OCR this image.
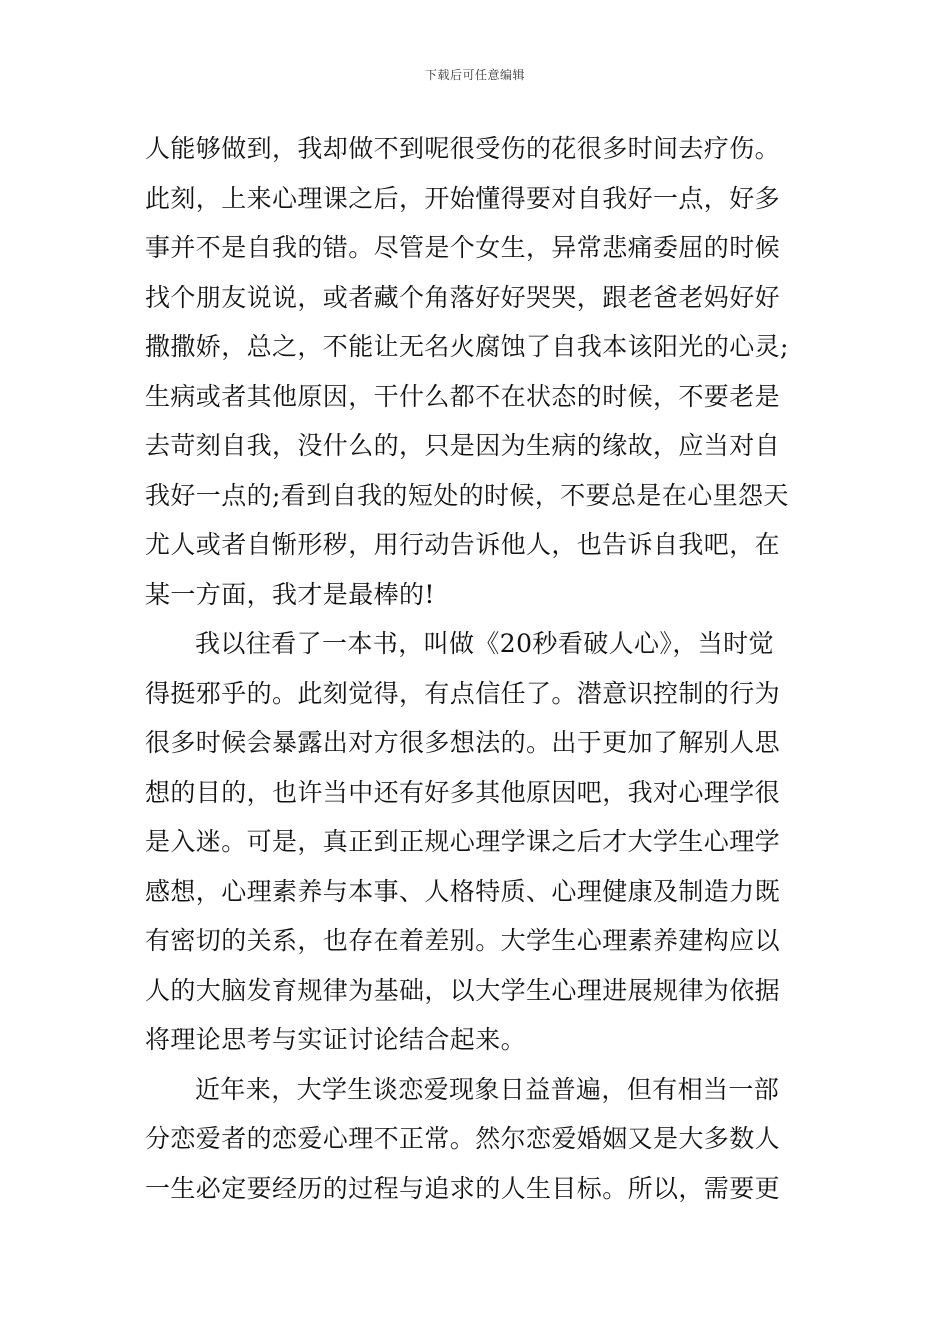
下载后可任意编辑
人能够做到，我却做不到呢很受伤的花很多时间去疗伤。
此刻，上来心理课之后，开始懂得要对自我好一点，好多
事并不是自我的错。尽管是个女生，异常悲痛委屈的时候
找个朋友说说，或者藏个角落好好哭哭，跟老爸老妈好好
撒撒娇，总之，不能让无名火腐蚀了自我本该阳光的心灵;
生病或者其他原因，干什么都不在状态的时候，不要老是
去苛刻自我，没什么的，只是因为生病的缘故，应当对自
我好一点的;看到自我的短处的时候，不要总是在心里怨天
尤人或者自惭形秽，用行动告诉他人，也告诉自我吧，在
某一方面，我才是最棒的!
我以往看了一本书，叫做《20秒看破人心》，当时觉
得挺邪乎的。此刻觉得，有点信任了。潜意识控制的行为
很多时候会暴露出对方很多想法的。出于更加了解别人思
想的目的，也许当中还有好多其他原因吧，我对心理学很
是入迷。可是，真正到正规心理学课之后才大学生心理学
感想，心理素养与本事、人格特质、心理健康及制造力既
有密切的关系，也存在着差别。大学生心理素养建构应以
人的大脑发育规律为基础，以大学生心理进展规律为依据
将理论思考与实证讨论结合起来。
近年来，大学生谈恋爱现象日益普遍，但有相当一部
分恋爱者的恋爱心理不正常。然尔恋爱婚姻又是大多数人
一生必定要经历的过程与追求的人生目标。所以，需要更
